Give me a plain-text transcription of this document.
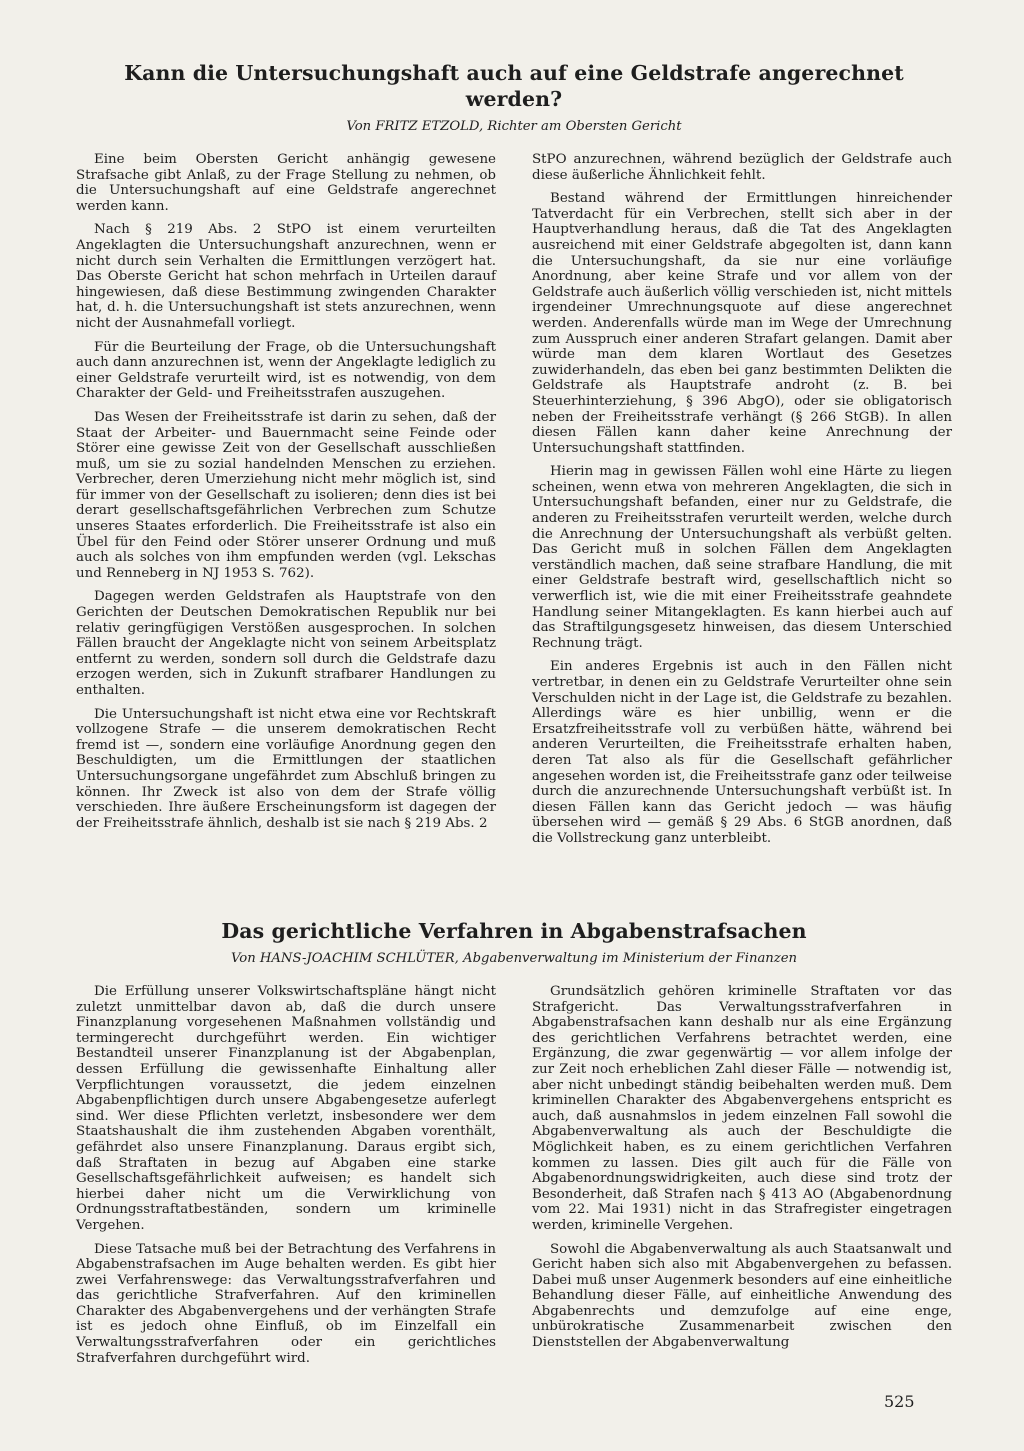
Kann die Untersuchungshaft auch auf eine Geldstrafe angerechnet werden?
Von FRITZ ETZOLD, Richter am Obersten Gericht

Eine beim Obersten Gericht anhängig gewesene Strafsache gibt Anlaß, zu der Frage Stellung zu nehmen, ob die Untersuchungshaft auf eine Geldstrafe angerechnet werden kann.

Nach § 219 Abs. 2 StPO ist einem verurteilten Angeklagten die Untersuchungshaft anzurechnen, wenn er nicht durch sein Verhalten die Ermittlungen verzögert hat. Das Oberste Gericht hat schon mehrfach in Urteilen darauf hingewiesen, daß diese Bestimmung zwingenden Charakter hat, d. h. die Untersuchungshaft ist stets anzurechnen, wenn nicht der Ausnahmefall vorliegt.

Für die Beurteilung der Frage, ob die Untersuchungshaft auch dann anzurechnen ist, wenn der Angeklagte lediglich zu einer Geldstrafe verurteilt wird, ist es notwendig, von dem Charakter der Geld- und Freiheitsstrafen auszugehen.

Das Wesen der Freiheitsstrafe ist darin zu sehen, daß der Staat der Arbeiter- und Bauernmacht seine Feinde oder Störer eine gewisse Zeit von der Gesellschaft ausschließen muß, um sie zu sozial handelnden Menschen zu erziehen. Verbrecher, deren Umerziehung nicht mehr möglich ist, sind für immer von der Gesellschaft zu isolieren; denn dies ist bei derart gesellschaftsgefährlichen Verbrechen zum Schutze unseres Staates erforderlich. Die Freiheitsstrafe ist also ein Übel für den Feind oder Störer unserer Ordnung und muß auch als solches von ihm empfunden werden (vgl. Lekschas und Renneberg in NJ 1953 S. 762).

Dagegen werden Geldstrafen als Hauptstrafe von den Gerichten der Deutschen Demokratischen Republik nur bei relativ geringfügigen Verstößen ausgesprochen. In solchen Fällen braucht der Angeklagte nicht von seinem Arbeitsplatz entfernt zu werden, sondern soll durch die Geldstrafe dazu erzogen werden, sich in Zukunft strafbarer Handlungen zu enthalten.

Die Untersuchungshaft ist nicht etwa eine vor Rechtskraft vollzogene Strafe — die unserem demokratischen Recht fremd ist —, sondern eine vorläufige Anordnung gegen den Beschuldigten, um die Ermittlungen der staatlichen Untersuchungsorgane ungefährdet zum Abschluß bringen zu können. Ihr Zweck ist also von dem der Strafe völlig verschieden. Ihre äußere Erscheinungsform ist dagegen der der Freiheitsstrafe ähnlich, deshalb ist sie nach § 219 Abs. 2

StPO anzurechnen, während bezüglich der Geldstrafe auch diese äußerliche Ähnlichkeit fehlt.

Bestand während der Ermittlungen hinreichender Tatverdacht für ein Verbrechen, stellt sich aber in der Hauptverhandlung heraus, daß die Tat des Angeklagten ausreichend mit einer Geldstrafe abgegolten ist, dann kann die Untersuchungshaft, da sie nur eine vorläufige Anordnung, aber keine Strafe und vor allem von der Geldstrafe auch äußerlich völlig verschieden ist, nicht mittels irgendeiner Umrechnungsquote auf diese angerechnet werden. Anderenfalls würde man im Wege der Umrechnung zum Ausspruch einer anderen Strafart gelangen. Damit aber würde man dem klaren Wortlaut des Gesetzes zuwiderhandeln, das eben bei ganz bestimmten Delikten die Geldstrafe als Hauptstrafe androht (z. B. bei Steuerhinterziehung, § 396 AbgO), oder sie obligatorisch neben der Freiheitsstrafe verhängt (§ 266 StGB). In allen diesen Fällen kann daher keine Anrechnung der Untersuchungshaft stattfinden.

Hierin mag in gewissen Fällen wohl eine Härte zu liegen scheinen, wenn etwa von mehreren Angeklagten, die sich in Untersuchungshaft befanden, einer nur zu Geldstrafe, die anderen zu Freiheitsstrafen verurteilt werden, welche durch die Anrechnung der Untersuchungshaft als verbüßt gelten. Das Gericht muß in solchen Fällen dem Angeklagten verständlich machen, daß seine strafbare Handlung, die mit einer Geldstrafe bestraft wird, gesellschaftlich nicht so verwerflich ist, wie die mit einer Freiheitsstrafe geahndete Handlung seiner Mitangeklagten. Es kann hierbei auch auf das Straftilgungsgesetz hinweisen, das diesem Unterschied Rechnung trägt.

Ein anderes Ergebnis ist auch in den Fällen nicht vertretbar, in denen ein zu Geldstrafe Verurteilter ohne sein Verschulden nicht in der Lage ist, die Geldstrafe zu bezahlen. Allerdings wäre es hier unbillig, wenn er die Ersatzfreiheitsstrafe voll zu verbüßen hätte, während bei anderen Verurteilten, die Freiheitsstrafe erhalten haben, deren Tat also als für die Gesellschaft gefährlicher angesehen worden ist, die Freiheitsstrafe ganz oder teilweise durch die anzurechnende Untersuchungshaft verbüßt ist. In diesen Fällen kann das Gericht jedoch — was häufig übersehen wird — gemäß § 29 Abs. 6 StGB anordnen, daß die Vollstreckung ganz unterbleibt.

Das gerichtliche Verfahren in Abgabenstrafsachen
Von HANS-JOACHIM SCHLÜTER, Abgabenverwaltung im Ministerium der Finanzen

Die Erfüllung unserer Volkswirtschaftspläne hängt nicht zuletzt unmittelbar davon ab, daß die durch unsere Finanzplanung vorgesehenen Maßnahmen vollständig und termingerecht durchgeführt werden. Ein wichtiger Bestandteil unserer Finanzplanung ist der Abgabenplan, dessen Erfüllung die gewissenhafte Einhaltung aller Verpflichtungen voraussetzt, die jedem einzelnen Abgabenpflichtigen durch unsere Abgabengesetze auferlegt sind. Wer diese Pflichten verletzt, insbesondere wer dem Staatshaushalt die ihm zustehenden Abgaben vorenthält, gefährdet also unsere Finanzplanung. Daraus ergibt sich, daß Straftaten in bezug auf Abgaben eine starke Gesellschaftsgefährlichkeit aufweisen; es handelt sich hierbei daher nicht um die Verwirklichung von Ordnungsstraftatbeständen, sondern um kriminelle Vergehen.

Diese Tatsache muß bei der Betrachtung des Verfahrens in Abgabenstrafsachen im Auge behalten werden. Es gibt hier zwei Verfahrenswege: das Verwaltungsstrafverfahren und das gerichtliche Strafverfahren. Auf den kriminellen Charakter des Abgabenvergehens und der verhängten Strafe ist es jedoch ohne Einfluß, ob im Einzelfall ein Verwaltungsstrafverfahren oder ein gerichtliches Strafverfahren durchgeführt wird.

Grundsätzlich gehören kriminelle Straftaten vor das Strafgericht. Das Verwaltungsstrafverfahren in Abgabenstrafsachen kann deshalb nur als eine Ergänzung des gerichtlichen Verfahrens betrachtet werden, eine Ergänzung, die zwar gegenwärtig — vor allem infolge der zur Zeit noch erheblichen Zahl dieser Fälle — notwendig ist, aber nicht unbedingt ständig beibehalten werden muß. Dem kriminellen Charakter des Abgabenvergehens entspricht es auch, daß ausnahmslos in jedem einzelnen Fall sowohl die Abgabenverwaltung als auch der Beschuldigte die Möglichkeit haben, es zu einem gerichtlichen Verfahren kommen zu lassen. Dies gilt auch für die Fälle von Abgabenordnungswidrigkeiten, auch diese sind trotz der Besonderheit, daß Strafen nach § 413 AO (Abgabenordnung vom 22. Mai 1931) nicht in das Strafregister eingetragen werden, kriminelle Vergehen.

Sowohl die Abgabenverwaltung als auch Staatsanwalt und Gericht haben sich also mit Abgabenvergehen zu befassen. Dabei muß unser Augenmerk besonders auf eine einheitliche Behandlung dieser Fälle, auf einheitliche Anwendung des Abgabenrechts und demzufolge auf eine enge, unbürokratische Zusammenarbeit zwischen den Dienststellen der Abgabenverwaltung

525
